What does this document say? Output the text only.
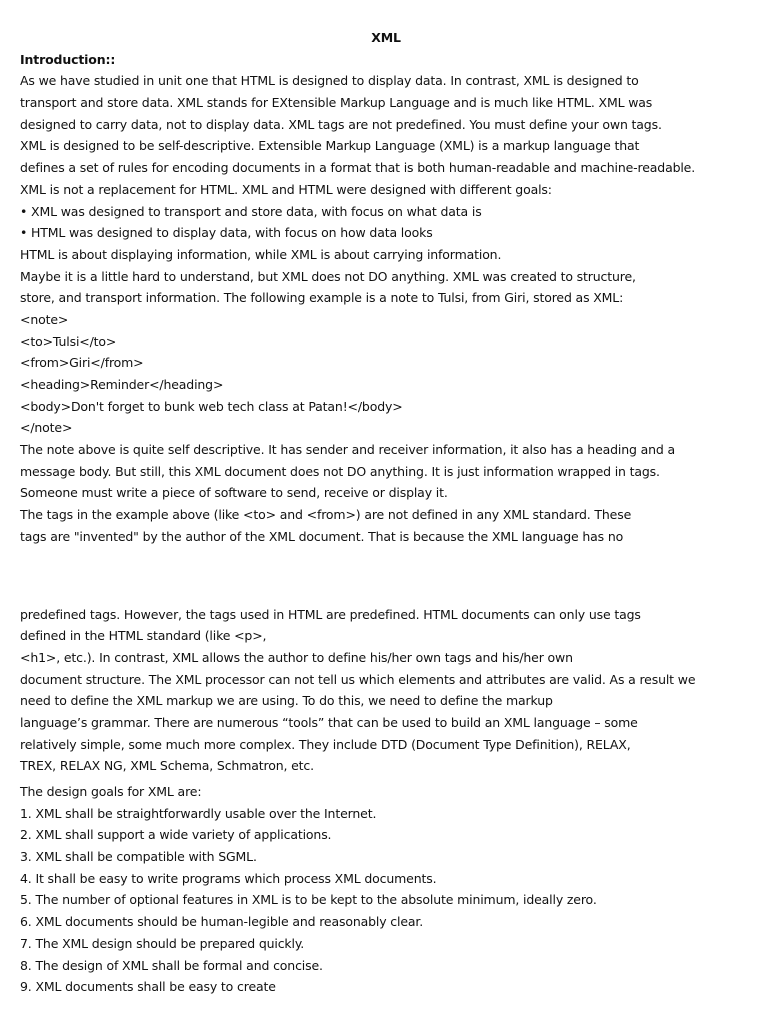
XML
Introduction::
As we have studied in unit one that HTML is designed to display data. In contrast, XML is designed to
transport and store data. XML stands for EXtensible Markup Language and is much like HTML. XML was
designed to carry data, not to display data. XML tags are not predefined. You must define your own tags.
XML is designed to be self-descriptive. Extensible Markup Language (XML) is a markup language that
defines a set of rules for encoding documents in a format that is both human-readable and machine-readable.
XML is not a replacement for HTML. XML and HTML were designed with different goals:
• XML was designed to transport and store data, with focus on what data is
• HTML was designed to display data, with focus on how data looks
HTML is about displaying information, while XML is about carrying information.
Maybe it is a little hard to understand, but XML does not DO anything. XML was created to structure,
store, and transport information. The following example is a note to Tulsi, from Giri, stored as XML:
<note>
<to>Tulsi</to>
<from>Giri</from>
<heading>Reminder</heading>
<body>Don't forget to bunk web tech class at Patan!</body>
</note>
The note above is quite self descriptive. It has sender and receiver information, it also has a heading and a
message body. But still, this XML document does not DO anything. It is just information wrapped in tags.
Someone must write a piece of software to send, receive or display it.
The tags in the example above (like <to> and <from>) are not defined in any XML standard. These
tags are "invented" by the author of the XML document. That is because the XML language has no
predefined tags. However, the tags used in HTML are predefined. HTML documents can only use tags
defined in the HTML standard (like <p>,
<h1>, etc.). In contrast, XML allows the author to define his/her own tags and his/her own
document structure. The XML processor can not tell us which elements and attributes are valid. As a result we
need to define the XML markup we are using. To do this, we need to define the markup
language’s grammar. There are numerous “tools” that can be used to build an XML language – some
relatively simple, some much more complex. They include DTD (Document Type Definition), RELAX,
TREX, RELAX NG, XML Schema, Schmatron, etc.
The design goals for XML are:
1. XML shall be straightforwardly usable over the Internet.
2. XML shall support a wide variety of applications.
3. XML shall be compatible with SGML.
4. It shall be easy to write programs which process XML documents.
5. The number of optional features in XML is to be kept to the absolute minimum, ideally zero.
6. XML documents should be human-legible and reasonably clear.
7. The XML design should be prepared quickly.
8. The design of XML shall be formal and concise.
9. XML documents shall be easy to create
